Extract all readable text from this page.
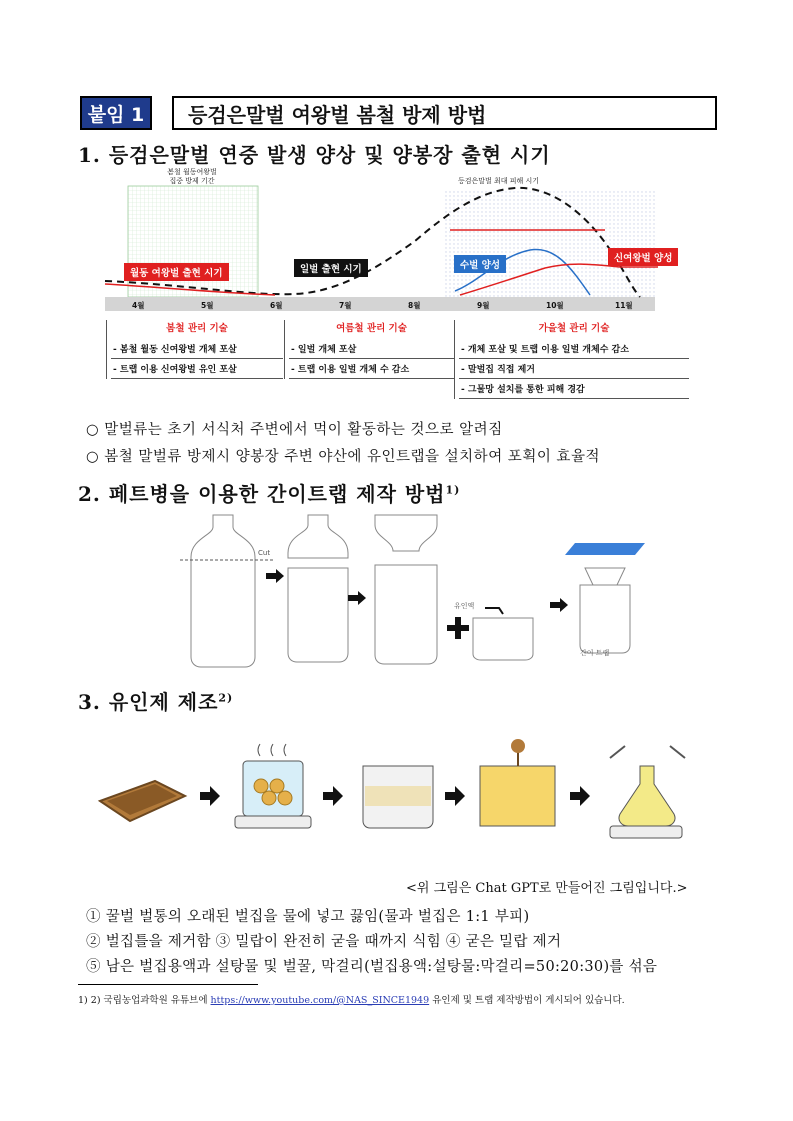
붙임 1	등검은말벌 여왕벌 봄철 방제 방법
1. 등검은말벌 연중 발생 양상 및 양봉장 출현 시기
봄철 월동여왕벌
집중 방제 기간	등검은말벌 최대 피해 시기
월동 여왕벌 출현 시기	일벌 출현 시기	수벌 양성
신여왕벌 양성
4월	5월	6월	7월	8월	9월	10월	11월
봄철 관리 기술
- 봄철 월동 신여왕벌 개체 포살
- 트랩 이용 신여왕벌 유인 포살
여름철 관리 기술
- 일벌 개체 포살
- 트랩 이용 일벌 개체 수 감소
가을철 관리 기술
- 개체 포살 및 트랩 이용 일벌 개체수 감소
- 말벌집 직접 제거
- 그물망 설치를 통한 피해 경감
○ 말벌류는 초기 서식처 주변에서 먹이 활동하는 것으로 알려짐
○ 봄철 말벌류 방제시 양봉장 주변 야산에 유인트랩을 설치하여 포획이 효율적
2. 페트병을 이용한 간이트랩 제작 방법$^{1)}$
Cut
유인액
간이 트랩
3. 유인제 제조$^{2)}$
<위 그림은 Chat GPT로 만들어진 그림입니다.>
① 꿀벌 벌통의 오래된 벌집을 물에 넣고 끓임(물과 벌집은 1:1 부피)
② 벌집틀을 제거함 ③ 밀랍이 완전히 굳을 때까지 식힘 ④ 굳은 밀랍 제거
⑤ 남은 벌집용액과 설탕물 및 벌꿀, 막걸리(벌집용액:설탕물:막걸리=50:20:30)를 섞음
1) 2) 국립농업과학원 유튜브에 https://www.youtube.com/@NAS_SINCE1949 유인제 및 트랩 제작방법이 게시되어 있습니다.
